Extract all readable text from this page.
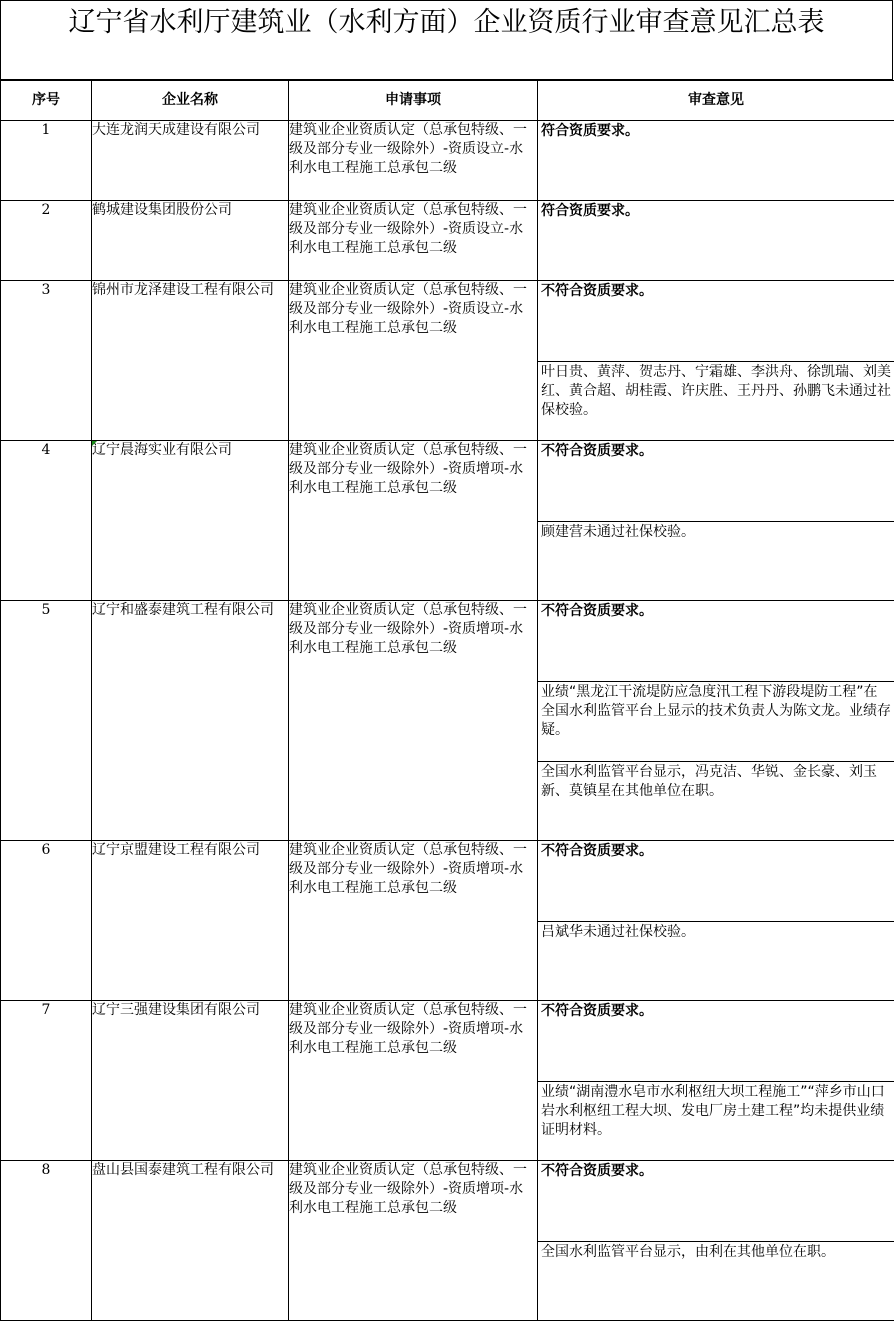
辽宁省水利厅建筑业（水利方面）企业资质行业审查意见汇总表
序号	企业名称	申请事项	审查意见
1	大连龙润天成建设有限公司	建筑业企业资质认定（总承包特级、一级及部分专业一级除外）-资质设立-水利水电工程施工总承包二级	符合资质要求。

2	鹤城建设集团股份公司	建筑业企业资质认定（总承包特级、一级及部分专业一级除外）-资质设立-水利水电工程施工总承包二级	符合资质要求。

3	锦州市龙泽建设工程有限公司	建筑业企业资质认定（总承包特级、一级及部分专业一级除外）-资质设立-水利水电工程施工总承包二级	不符合资质要求。
叶日贵、黄萍、贺志丹、宁霜雄、李洪舟、徐凯瑞、刘美红、黄合超、胡桂霞、许庆胜、王丹丹、孙鹏飞未通过社保校验。

4	辽宁晨海实业有限公司	建筑业企业资质认定（总承包特级、一级及部分专业一级除外）-资质增项-水利水电工程施工总承包二级	不符合资质要求。
顾建营未通过社保校验。

5	辽宁和盛泰建筑工程有限公司	建筑业企业资质认定（总承包特级、一级及部分专业一级除外）-资质增项-水利水电工程施工总承包二级	不符合资质要求。
业绩“黑龙江干流堤防应急度汛工程下游段堤防工程”在全国水利监管平台上显示的技术负责人为陈文龙。业绩存疑。
全国水利监管平台显示，冯克洁、华锐、金长豪、刘玉新、莫镇星在其他单位在职。

6	辽宁京盟建设工程有限公司	建筑业企业资质认定（总承包特级、一级及部分专业一级除外）-资质增项-水利水电工程施工总承包二级	不符合资质要求。
吕斌华未通过社保校验。

7	辽宁三强建设集团有限公司	建筑业企业资质认定（总承包特级、一级及部分专业一级除外）-资质增项-水利水电工程施工总承包二级	不符合资质要求。
业绩“湖南澧水皂市水利枢纽大坝工程施工”“萍乡市山口岩水利枢纽工程大坝、发电厂房土建工程”均未提供业绩证明材料。

8	盘山县国泰建筑工程有限公司	建筑业企业资质认定（总承包特级、一级及部分专业一级除外）-资质增项-水利水电工程施工总承包二级	不符合资质要求。
全国水利监管平台显示，由利在其他单位在职。
